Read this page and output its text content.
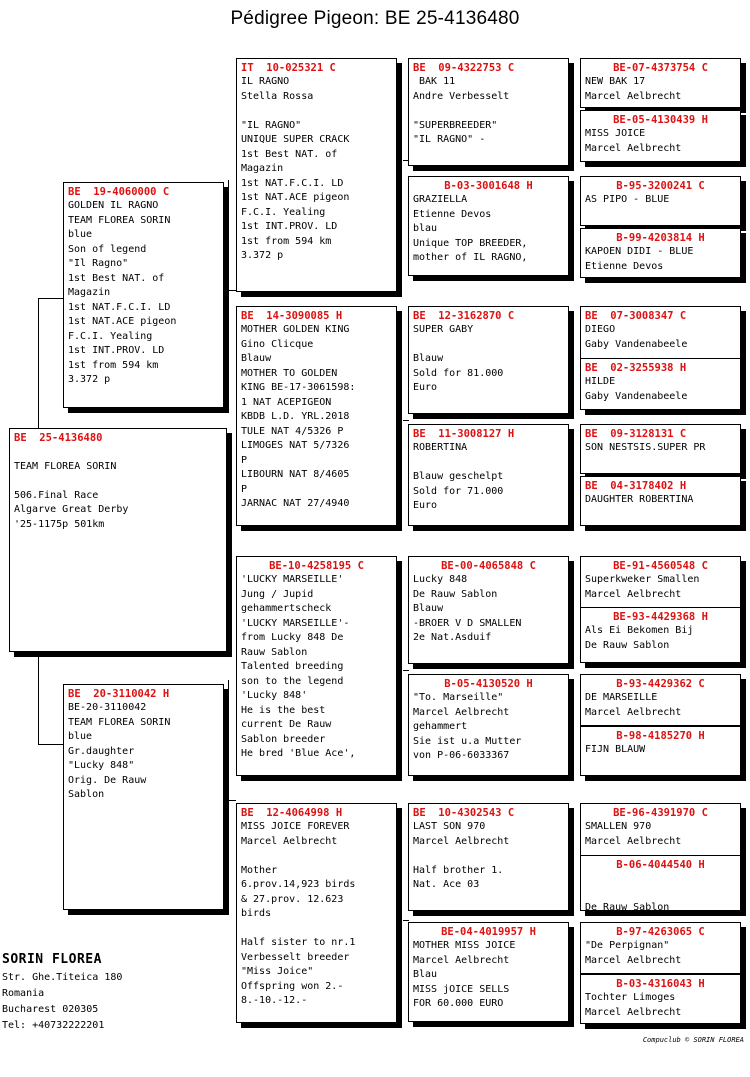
Pédigree Pigeon: BE 25-4136480
BE  25-4136480
TEAM FLOREA SORIN
506.Final Race
Algarve Great Derby
'25-1175p 501km
BE  19-4060000 C
GOLDEN IL RAGNO
TEAM FLOREA SORIN
blue
Son of legend
"Il Ragno"
1st Best NAT. of
Magazin
1st NAT.F.C.I. LD
1st NAT.ACE pigeon
F.C.I. Yealing
1st INT.PROV. LD
1st from 594 km
3.372 p
BE  20-3110042 H
BE-20-3110042
TEAM FLOREA SORIN
blue
Gr.daughter
"Lucky 848"
Orig. De Rauw
Sablon
IT  10-025321 C
IL RAGNO
Stella Rossa
"IL RAGNO"
UNIQUE SUPER CRACK
1st Best NAT. of
Magazin
1st NAT.F.C.I. LD
1st NAT.ACE pigeon
F.C.I. Yealing
1st INT.PROV. LD
1st from 594 km
3.372 p
BE  14-3090085 H
MOTHER GOLDEN KING
Gino Clicque
Blauw
MOTHER TO GOLDEN
KING BE-17-3061598:
1 NAT ACEPIGEON
KBDB L.D. YRL.2018
TULE NAT 4/5326 P
LIMOGES NAT 5/7326
P
LIBOURN NAT 8/4605
P
JARNAC NAT 27/4940
BE-10-4258195 C
'LUCKY MARSEILLE'
Jung / Jupid
gehammertscheck
'LUCKY MARSEILLE'-
from Lucky 848 De
Rauw Sablon
Talented breeding
son to the legend
'Lucky 848'
He is the best
current De Rauw
Sablon breeder
He bred 'Blue Ace',
BE  12-4064998 H
MISS JOICE FOREVER
Marcel Aelbrecht
Mother
6.prov.14,923 birds
& 27.prov. 12.623
birds
Half sister to nr.1
Verbesselt breeder
"Miss Joice"
Offspring won 2.-
8.-10.-12.-
BE  09-4322753 C
BAK 11
Andre Verbesselt
"SUPERBREEDER"
"IL RAGNO" -
B-03-3001648 H
GRAZIELLA
Etienne Devos
blau
Unique TOP BREEDER,
mother of IL RAGNO,
BE  12-3162870 C
SUPER GABY
Blauw
Sold for 81.000
Euro
BE  11-3008127 H
ROBERTINA
Blauw geschelpt
Sold for 71.000
Euro
BE-00-4065848 C
Lucky 848
De Rauw Sablon
Blauw
-BROER V D SMALLEN
2e Nat.Asduif
B-05-4130520 H
"To. Marseille"
Marcel Aelbrecht
gehammert
Sie ist u.a Mutter
von P-06-6033367
BE  10-4302543 C
LAST SON 970
Marcel Aelbrecht
Half brother 1.
Nat. Ace 03
BE-04-4019957 H
MOTHER MISS JOICE
Marcel Aelbrecht
Blau
MISS jOICE SELLS
FOR 60.000 EURO
BE-07-4373754 C
NEW BAK 17
Marcel Aelbrecht
BE-05-4130439 H
MISS JOICE
Marcel Aelbrecht
B-95-3200241 C
AS PIPO - BLUE
B-99-4203814 H
KAPOEN DIDI - BLUE
Etienne Devos
BE  07-3008347 C
DIEGO
Gaby Vandenabeele
BE  02-3255938 H
HILDE
Gaby Vandenabeele
BE  09-3128131 C
SON NESTSIS.SUPER PR
BE  04-3178402 H
DAUGHTER ROBERTINA
BE-91-4560548 C
Superkweker Smallen
Marcel Aelbrecht
BE-93-4429368 H
Als Ei Bekomen Bij
De Rauw Sablon
B-93-4429362 C
DE MARSEILLE
Marcel Aelbrecht
B-98-4185270 H
FIJN BLAUW
BE-96-4391970 C
SMALLEN 970
Marcel Aelbrecht
B-06-4044540 H
De Rauw Sablon
B-97-4263065 C
"De Perpignan"
Marcel Aelbrecht
B-03-4316043 H
Tochter Limoges
Marcel Aelbrecht
SORIN FLOREA
Str. Ghe.Titeica 180
Romania
Bucharest 020305
Tel: +40732222201
Compuclub © SORIN FLOREA
